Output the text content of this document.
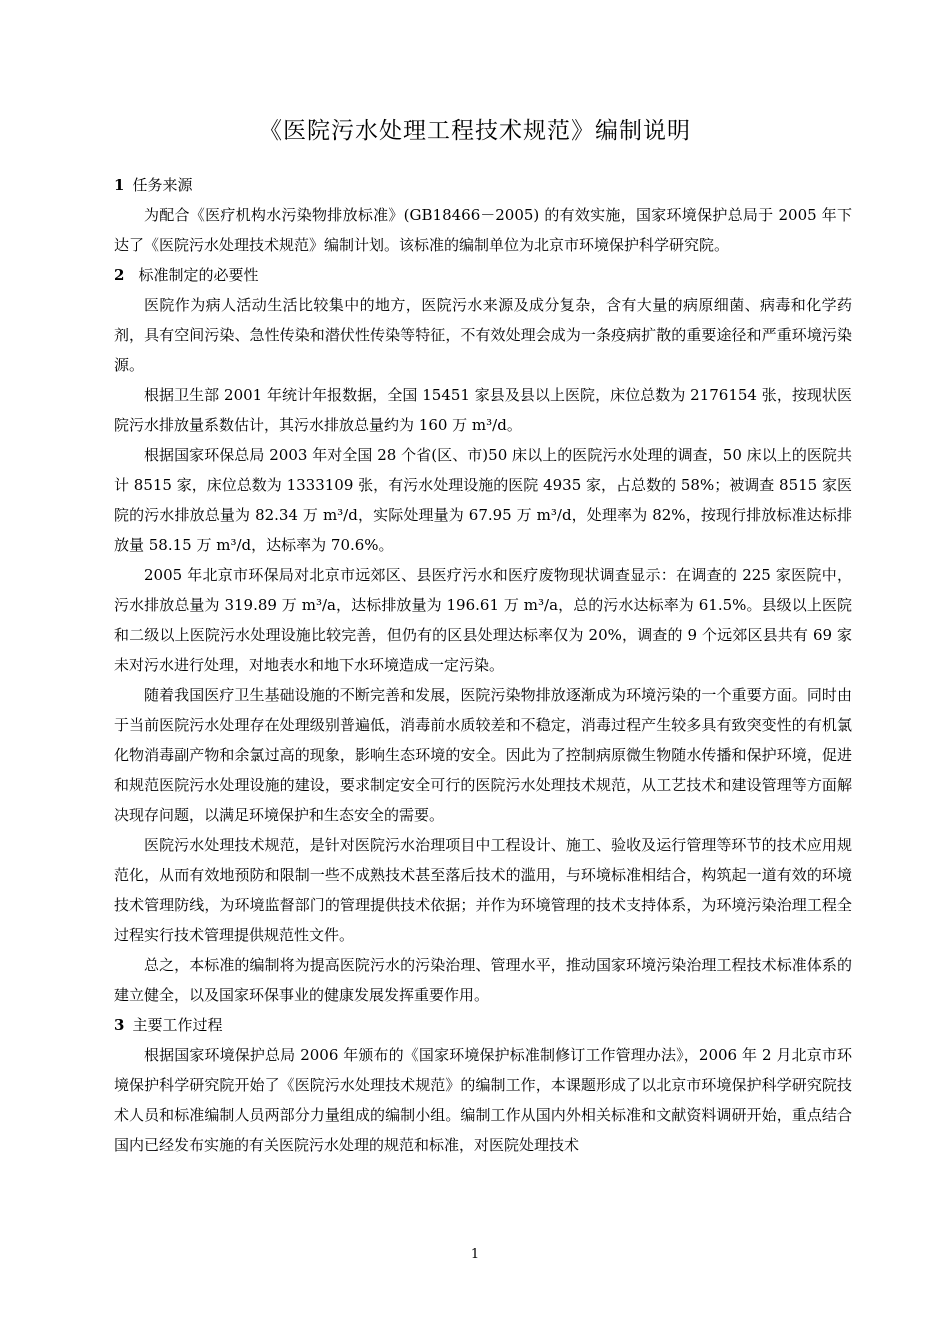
《医院污水处理工程技术规范》编制说明
1 任务来源

为配合《医疗机构水污染物排放标准》(GB18466－2005) 的有效实施，国家环境保护总局于 2005 年下达了《医院污水处理技术规范》编制计划。该标准的编制单位为北京市环境保护科学研究院。

2 标准制定的必要性

医院作为病人活动生活比较集中的地方，医院污水来源及成分复杂，含有大量的病原细菌、病毒和化学药剂，具有空间污染、急性传染和潜伏性传染等特征，不有效处理会成为一条疫病扩散的重要途径和严重环境污染源。

根据卫生部 2001 年统计年报数据，全国 15451 家县及县以上医院，床位总数为 2176154 张，按现状医院污水排放量系数估计，其污水排放总量约为 160 万 m³/d。

根据国家环保总局 2003 年对全国 28 个省(区、市)50 床以上的医院污水处理的调查，50 床以上的医院共计 8515 家，床位总数为 1333109 张，有污水处理设施的医院 4935 家，占总数的 58%；被调查 8515 家医院的污水排放总量为 82.34 万 m³/d，实际处理量为 67.95 万 m³/d，处理率为 82%，按现行排放标准达标排放量 58.15 万 m³/d，达标率为 70.6%。

2005 年北京市环保局对北京市远郊区、县医疗污水和医疗废物现状调查显示：在调查的 225 家医院中，污水排放总量为 319.89 万 m³/a，达标排放量为 196.61 万 m³/a，总的污水达标率为 61.5%。县级以上医院和二级以上医院污水处理设施比较完善，但仍有的区县处理达标率仅为 20%，调查的 9 个远郊区县共有 69 家未对污水进行处理，对地表水和地下水环境造成一定污染。

随着我国医疗卫生基础设施的不断完善和发展，医院污染物排放逐渐成为环境污染的一个重要方面。同时由于当前医院污水处理存在处理级别普遍低，消毒前水质较差和不稳定，消毒过程产生较多具有致突变性的有机氯化物消毒副产物和余氯过高的现象，影响生态环境的安全。因此为了控制病原微生物随水传播和保护环境，促进和规范医院污水处理设施的建设，要求制定安全可行的医院污水处理技术规范，从工艺技术和建设管理等方面解决现存问题，以满足环境保护和生态安全的需要。

医院污水处理技术规范，是针对医院污水治理项目中工程设计、施工、验收及运行管理等环节的技术应用规范化，从而有效地预防和限制一些不成熟技术甚至落后技术的滥用，与环境标准相结合，构筑起一道有效的环境技术管理防线，为环境监督部门的管理提供技术依据；并作为环境管理的技术支持体系，为环境污染治理工程全过程实行技术管理提供规范性文件。

总之，本标准的编制将为提高医院污水的污染治理、管理水平，推动国家环境污染治理工程技术标准体系的建立健全，以及国家环保事业的健康发展发挥重要作用。

3 主要工作过程

根据国家环境保护总局 2006 年颁布的《国家环境保护标准制修订工作管理办法》，2006 年 2 月北京市环境保护科学研究院开始了《医院污水处理技术规范》的编制工作，本课题形成了以北京市环境保护科学研究院技术人员和标准编制人员两部分力量组成的编制小组。编制工作从国内外相关标准和文献资料调研开始，重点结合国内已经发布实施的有关医院污水处理的规范和标准，对医院处理技术

1
